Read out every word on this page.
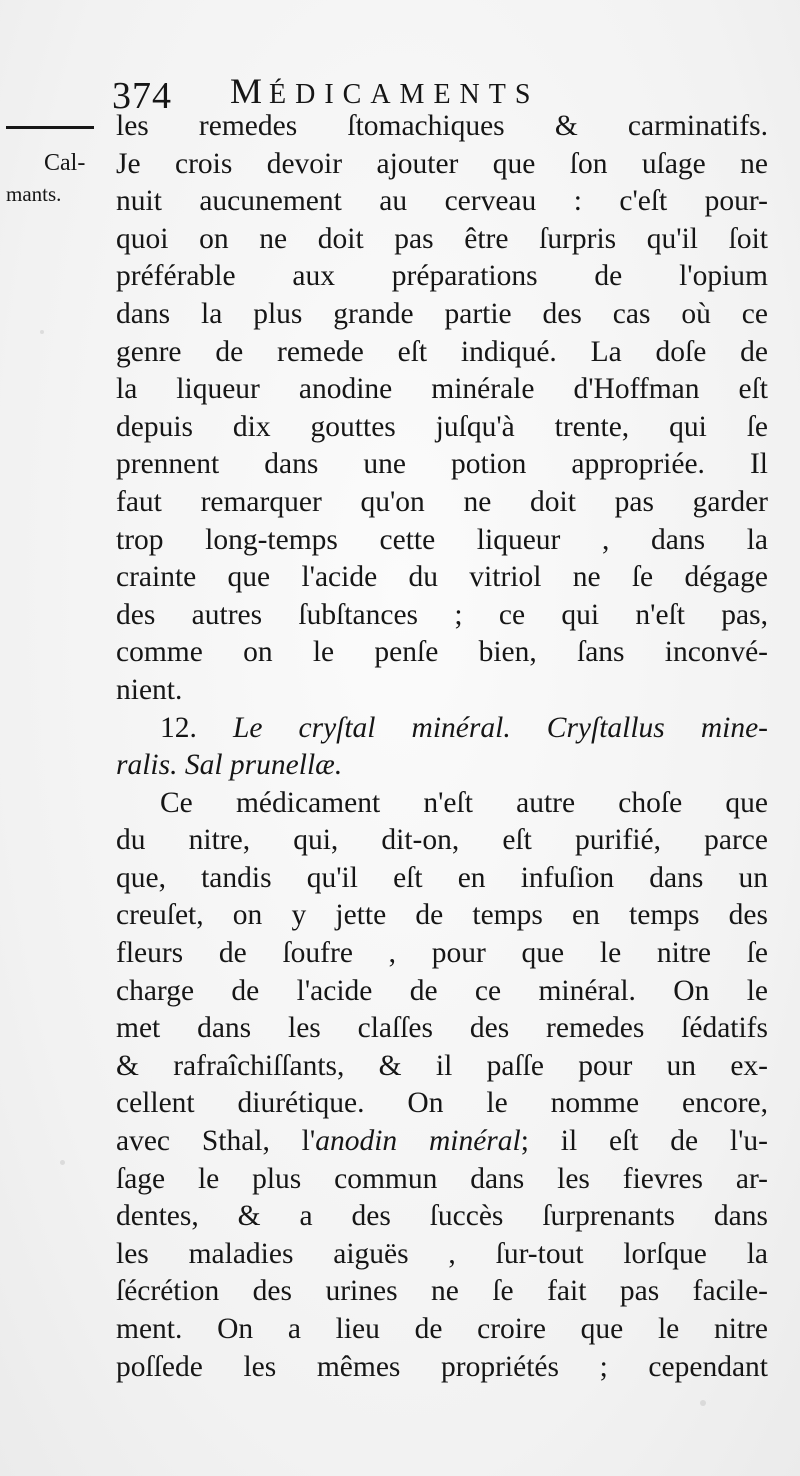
374 MÉDICAMENTS
Cal-
mants.
les remedes ſtomachiques & carminatifs.
Je crois devoir ajouter que ſon uſage ne
nuit aucunement au cerveau : c'eſt pour-
quoi on ne doit pas être ſurpris qu'il ſoit
préférable aux préparations de l'opium
dans la plus grande partie des cas où ce
genre de remede eſt indiqué. La doſe de
la liqueur anodine minérale d'Hoffman eſt
depuis dix gouttes juſqu'à trente, qui ſe
prennent dans une potion appropriée. Il
faut remarquer qu'on ne doit pas garder
trop long-temps cette liqueur , dans la
crainte que l'acide du vitriol ne ſe dégage
des autres ſubſtances ; ce qui n'eſt pas,
comme on le penſe bien, ſans inconvé-
nient.
12. Le cryſtal minéral. Cryſtallus mine-
ralis. Sal prunellæ.
Ce médicament n'eſt autre choſe que
du nitre, qui, dit-on, eſt purifié, parce
que, tandis qu'il eſt en infuſion dans un
creuſet, on y jette de temps en temps des
fleurs de ſoufre , pour que le nitre ſe
charge de l'acide de ce minéral. On le
met dans les claſſes des remedes ſédatifs
& rafraîchiſſants, & il paſſe pour un ex-
cellent diurétique. On le nomme encore,
avec Sthal, l'anodin minéral; il eſt de l'u-
ſage le plus commun dans les fievres ar-
dentes, & a des ſuccès ſurprenants dans
les maladies aiguës , ſur-tout lorſque la
ſécrétion des urines ne ſe fait pas facile-
ment. On a lieu de croire que le nitre
poſſede les mêmes propriétés ; cependant
